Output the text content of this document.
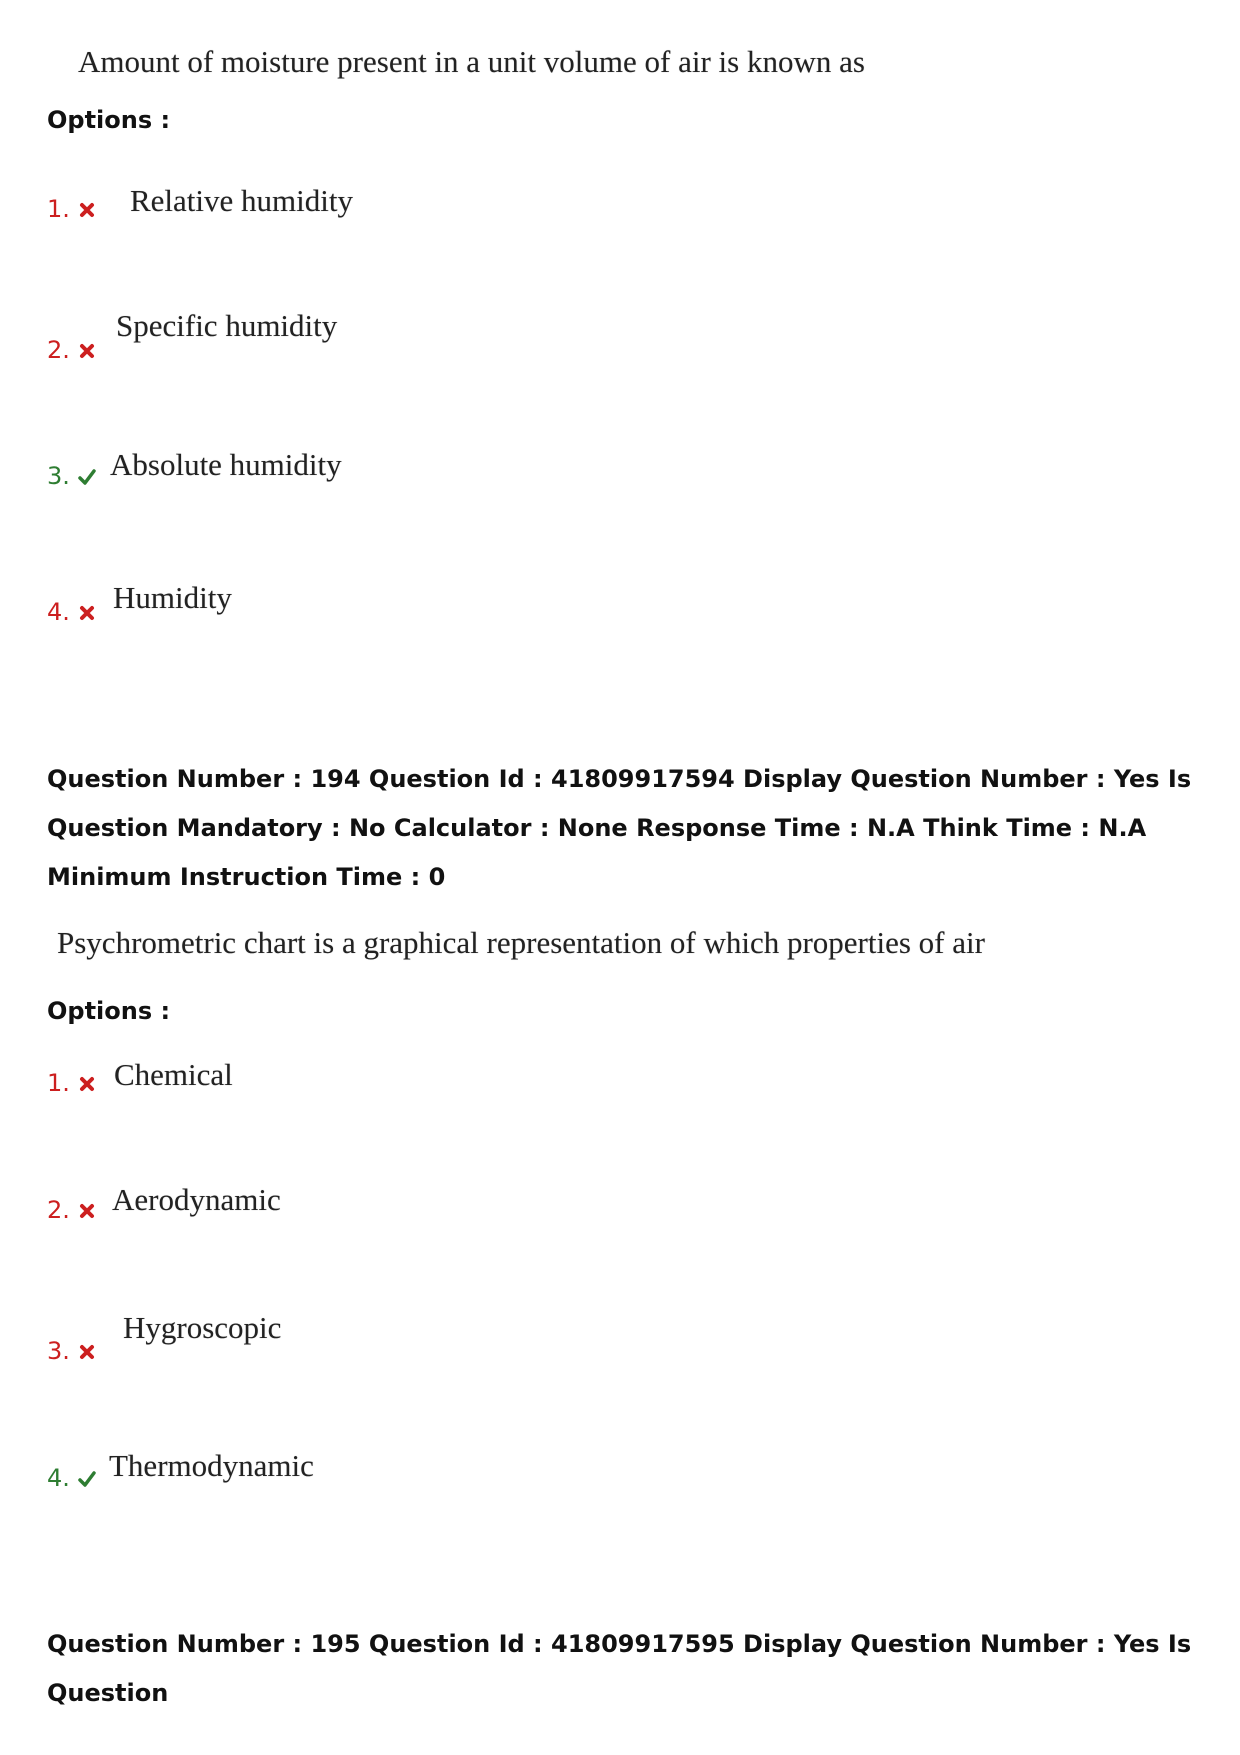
Amount of moisture present in a unit volume of air is known as
Options :
1.	Relative humidity
2.
Specific humidity
3.	Absolute humidity
4.	Humidity
Question Number : 194 Question Id : 41809917594 Display Question Number : Yes Is Question Mandatory : No Calculator : None Response Time : N.A Think Time : N.A Minimum Instruction Time : 0
Psychrometric chart is a graphical representation of which properties of air
Options :
1.	Chemical
2.	Aerodynamic
3.
Hygroscopic
4.	Thermodynamic
Question Number : 195 Question Id : 41809917595 Display Question Number : Yes Is Question
